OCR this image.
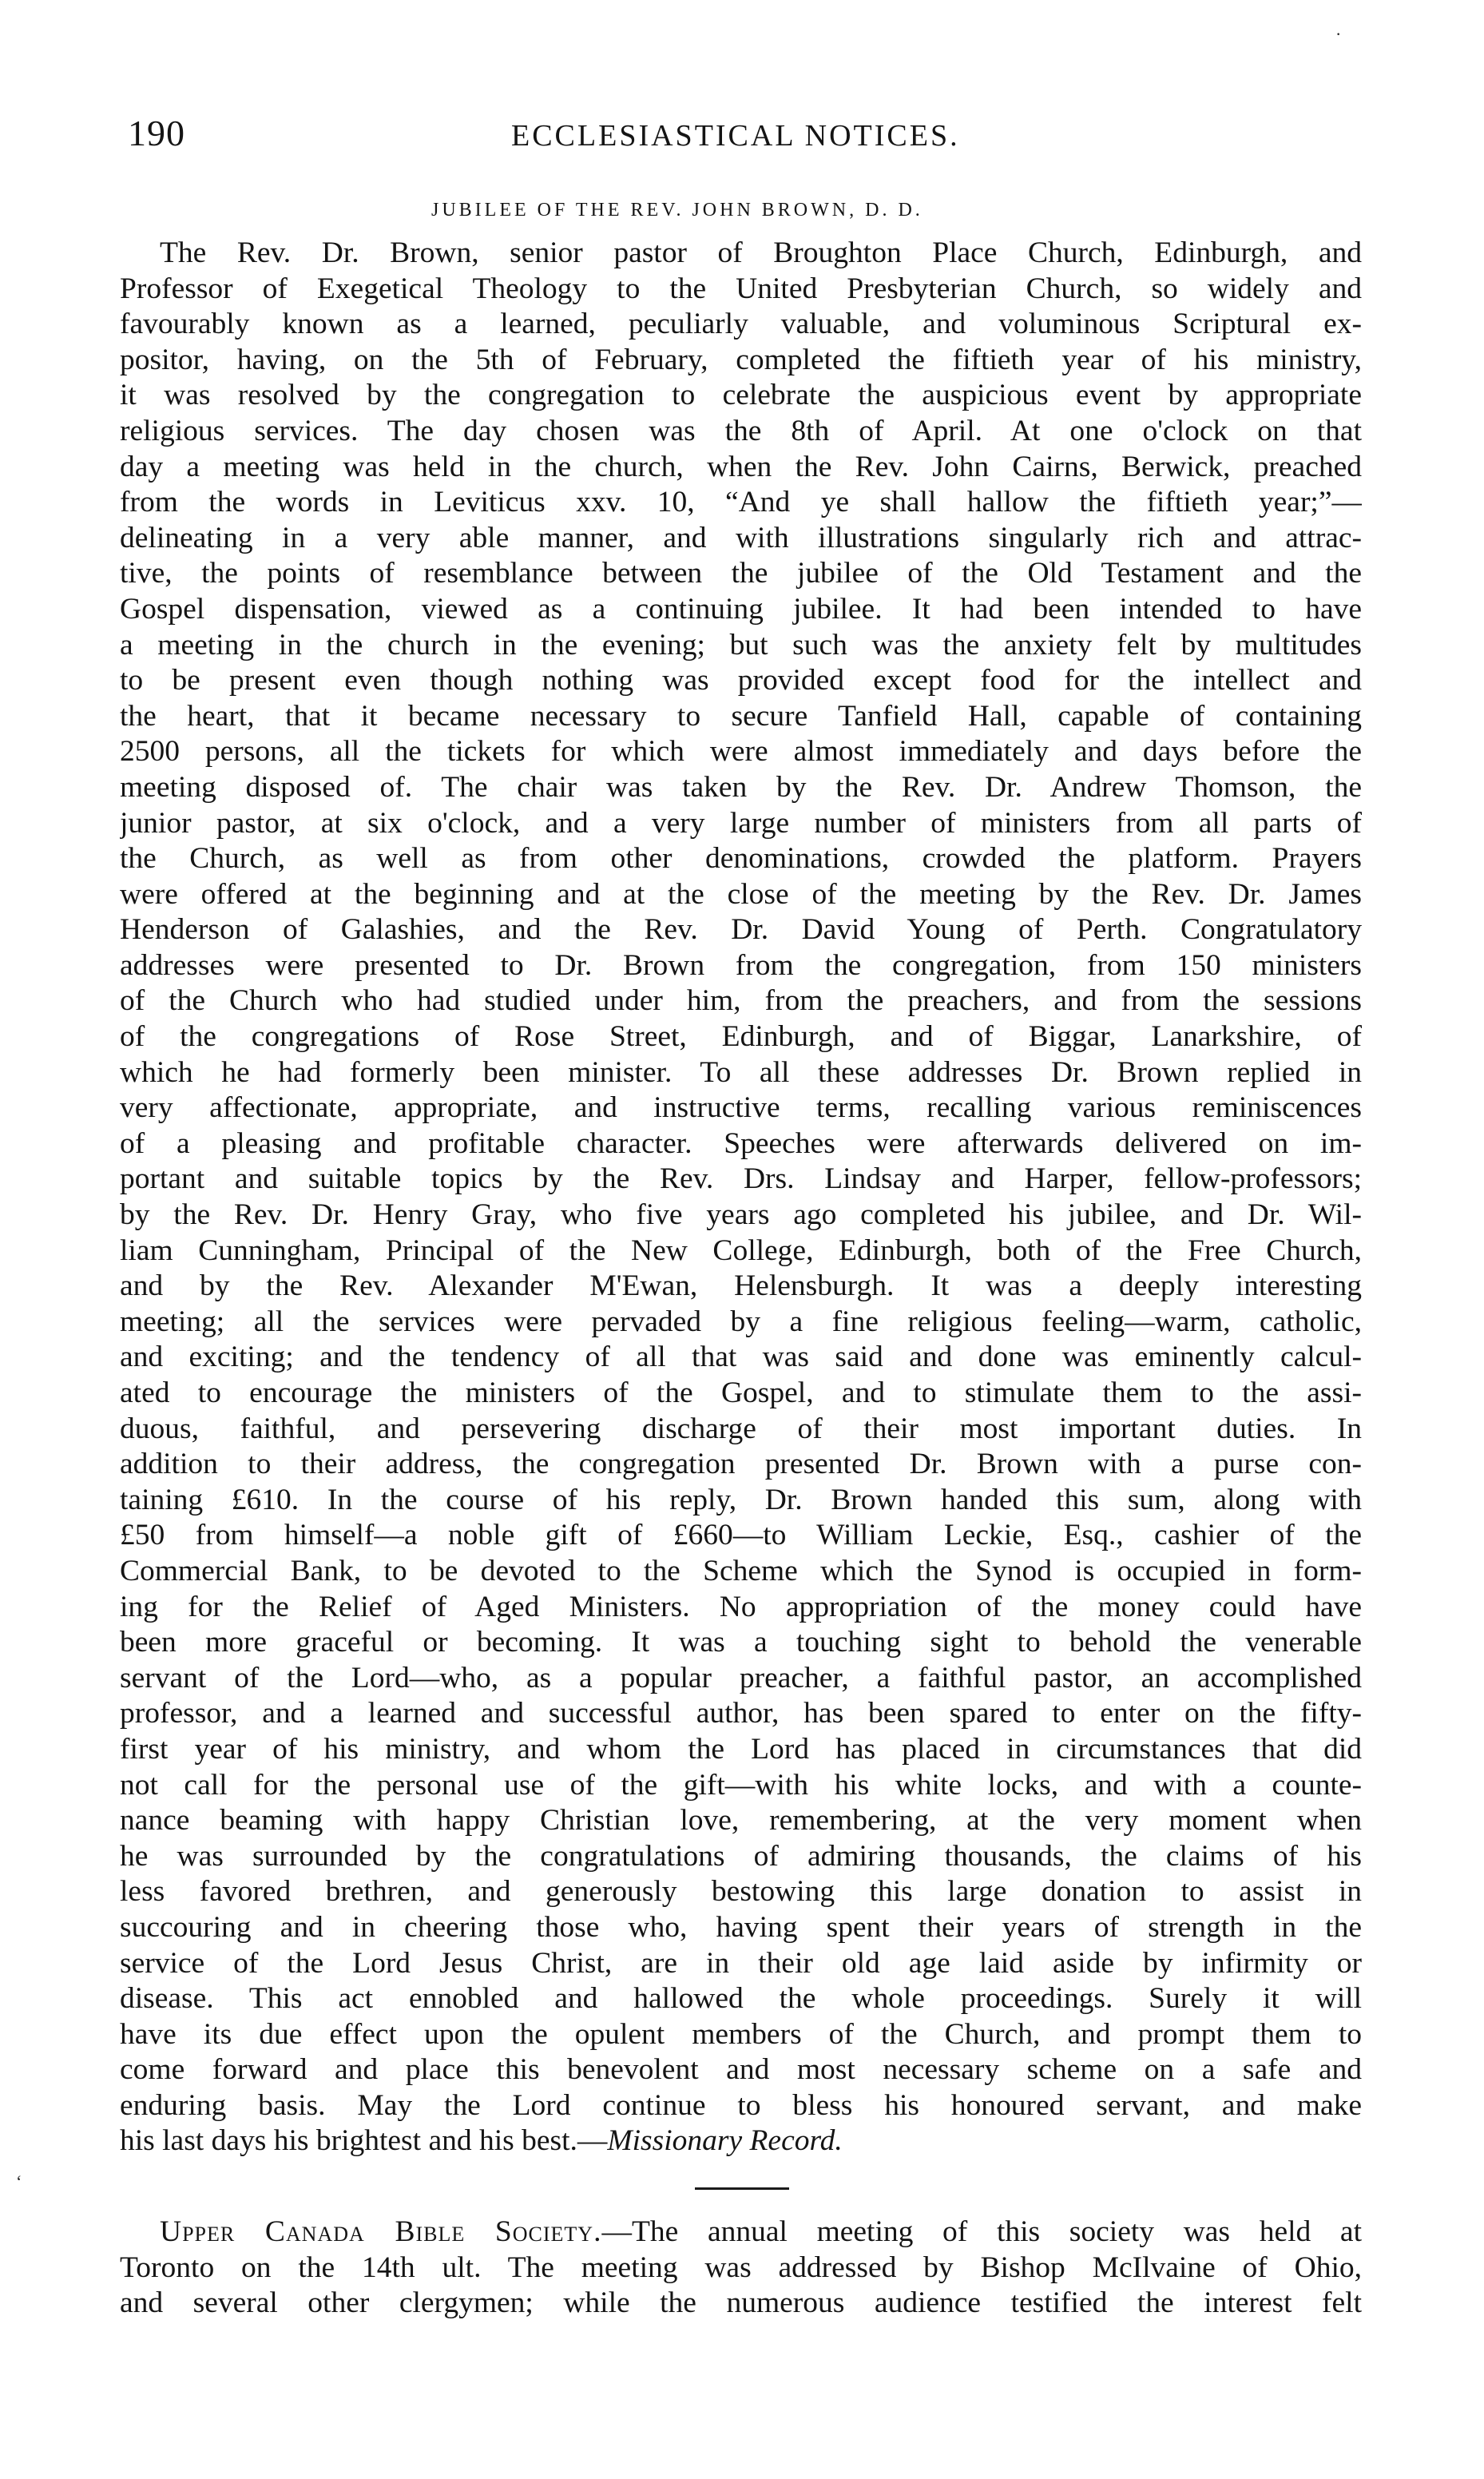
190	ECCLESIASTICAL NOTICES.
JUBILEE OF THE REV. JOHN BROWN, D. D.
The Rev. Dr. Brown, senior pastor of Broughton Place Church, Edinburgh, and
Professor of Exegetical Theology to the United Presbyterian Church, so widely and
favourably known as a learned, peculiarly valuable, and voluminous Scriptural ex-
positor, having, on the 5th of February, completed the fiftieth year of his ministry,
it was resolved by the congregation to celebrate the auspicious event by appropriate
religious services. The day chosen was the 8th of April. At one o'clock on that
day a meeting was held in the church, when the Rev. John Cairns, Berwick, preached
from the words in Leviticus xxv. 10, “And ye shall hallow the fiftieth year;”—
delineating in a very able manner, and with illustrations singularly rich and attrac-
tive, the points of resemblance between the jubilee of the Old Testament and the
Gospel dispensation, viewed as a continuing jubilee. It had been intended to have
a meeting in the church in the evening; but such was the anxiety felt by multitudes
to be present even though nothing was provided except food for the intellect and
the heart, that it became necessary to secure Tanfield Hall, capable of containing
2500 persons, all the tickets for which were almost immediately and days before the
meeting disposed of. The chair was taken by the Rev. Dr. Andrew Thomson, the
junior pastor, at six o'clock, and a very large number of ministers from all parts of
the Church, as well as from other denominations, crowded the platform. Prayers
were offered at the beginning and at the close of the meeting by the Rev. Dr. James
Henderson of Galashies, and the Rev. Dr. David Young of Perth. Congratulatory
addresses were presented to Dr. Brown from the congregation, from 150 ministers
of the Church who had studied under him, from the preachers, and from the sessions
of the congregations of Rose Street, Edinburgh, and of Biggar, Lanarkshire, of
which he had formerly been minister. To all these addresses Dr. Brown replied in
very affectionate, appropriate, and instructive terms, recalling various reminiscences
of a pleasing and profitable character. Speeches were afterwards delivered on im-
portant and suitable topics by the Rev. Drs. Lindsay and Harper, fellow-professors;
by the Rev. Dr. Henry Gray, who five years ago completed his jubilee, and Dr. Wil-
liam Cunningham, Principal of the New College, Edinburgh, both of the Free Church,
and by the Rev. Alexander M'Ewan, Helensburgh. It was a deeply interesting
meeting; all the services were pervaded by a fine religious feeling—warm, catholic,
and exciting; and the tendency of all that was said and done was eminently calcul-
ated to encourage the ministers of the Gospel, and to stimulate them to the assi-
duous, faithful, and persevering discharge of their most important duties. In
addition to their address, the congregation presented Dr. Brown with a purse con-
taining £610. In the course of his reply, Dr. Brown handed this sum, along with
£50 from himself—a noble gift of £660—to William Leckie, Esq., cashier of the
Commercial Bank, to be devoted to the Scheme which the Synod is occupied in form-
ing for the Relief of Aged Ministers. No appropriation of the money could have
been more graceful or becoming. It was a touching sight to behold the venerable
servant of the Lord—who, as a popular preacher, a faithful pastor, an accomplished
professor, and a learned and successful author, has been spared to enter on the fifty-
first year of his ministry, and whom the Lord has placed in circumstances that did
not call for the personal use of the gift—with his white locks, and with a counte-
nance beaming with happy Christian love, remembering, at the very moment when
he was surrounded by the congratulations of admiring thousands, the claims of his
less favored brethren, and generously bestowing this large donation to assist in
succouring and in cheering those who, having spent their years of strength in the
service of the Lord Jesus Christ, are in their old age laid aside by infirmity or
disease. This act ennobled and hallowed the whole proceedings. Surely it will
have its due effect upon the opulent members of the Church, and prompt them to
come forward and place this benevolent and most necessary scheme on a safe and
enduring basis. May the Lord continue to bless his honoured servant, and make
his last days his brightest and his best.—Missionary Record.
Upper Canada Bible Society.—The annual meeting of this society was held at
Toronto on the 14th ult. The meeting was addressed by Bishop McIlvaine of Ohio,
and several other clergymen; while the numerous audience testified the interest felt
·
‘
